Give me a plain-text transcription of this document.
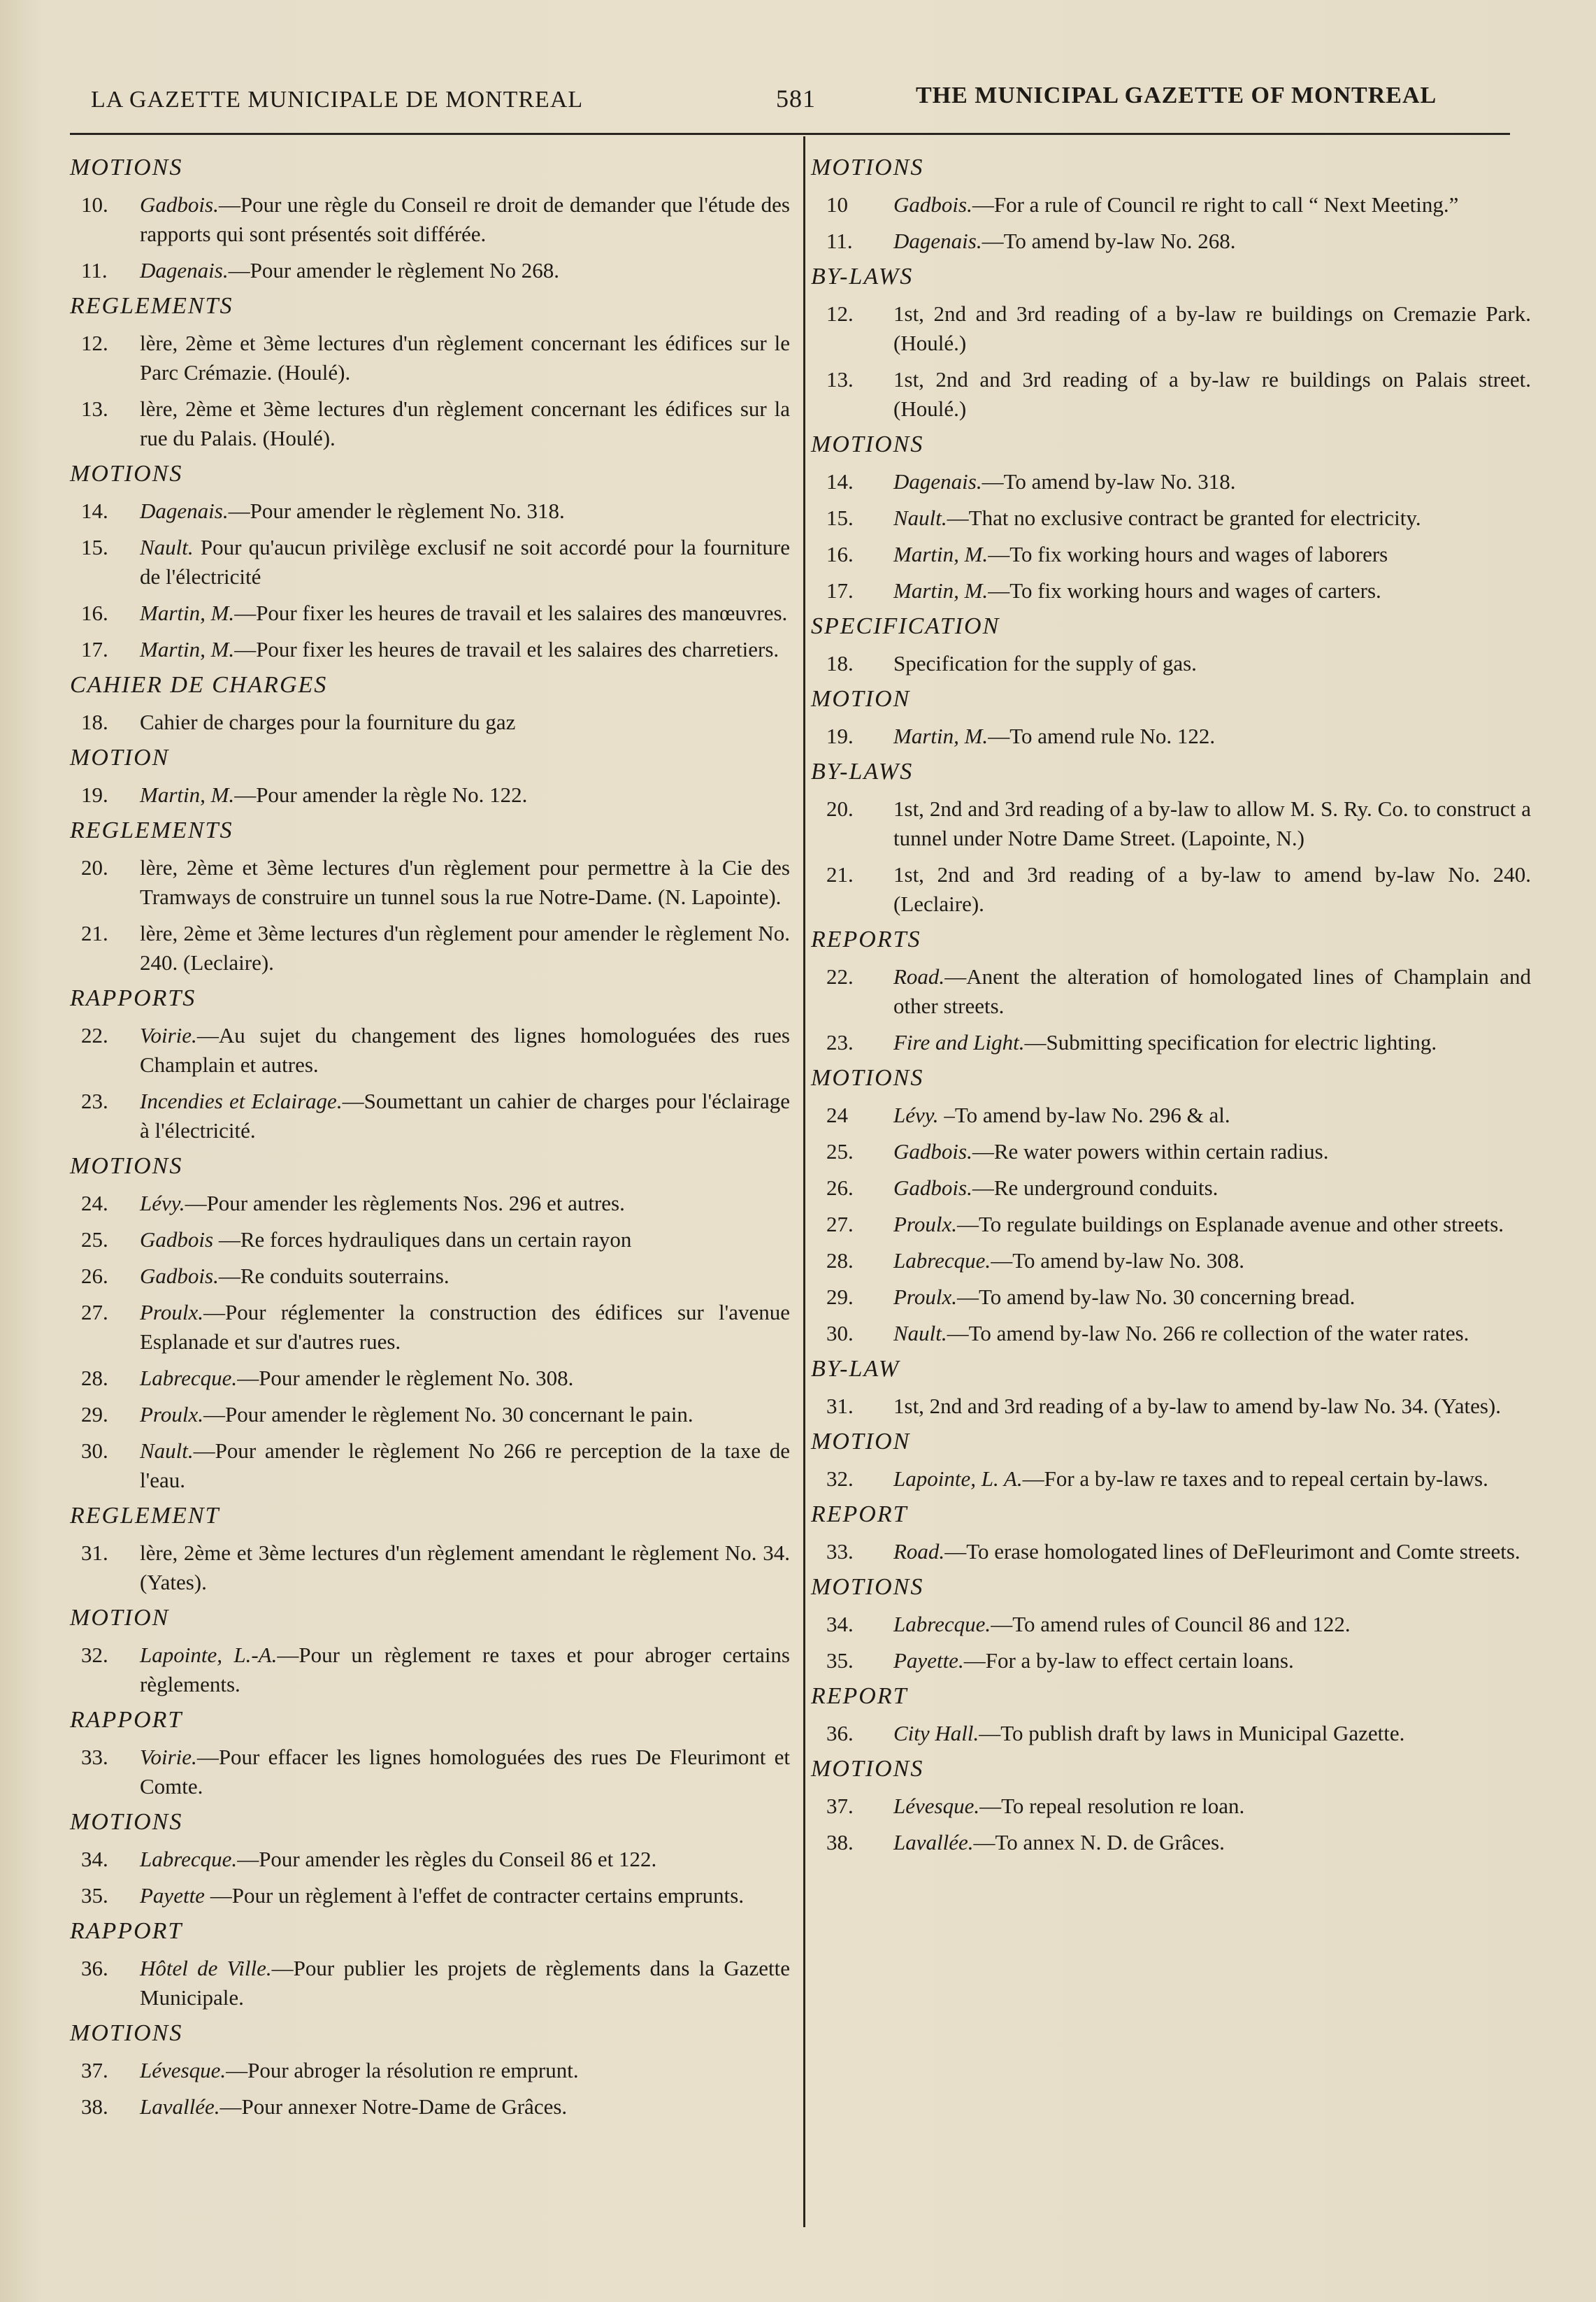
LA GAZETTE MUNICIPALE DE MONTREAL	581	THE MUNICIPAL GAZETTE OF MONTREAL
MOTIONS
10.	Gadbois.—Pour une règle du Conseil re droit de demander que l'étude des rapports qui sont présentés soit différée.
11.	Dagenais.—Pour amender le règlement No 268.
REGLEMENTS
12.	lère, 2ème et 3ème lectures d'un règlement concernant les édifices sur le Parc Crémazie. (Houlé).
13.	lère, 2ème et 3ème lectures d'un règlement concernant les édifices sur la rue du Palais. (Houlé).
MOTIONS
14.	Dagenais.—Pour amender le règlement No. 318.
15.	Nault. Pour qu'aucun privilège exclusif ne soit accordé pour la fourniture de l'électricité
16.	Martin, M.—Pour fixer les heures de travail et les salaires des manœuvres.
17.	Martin, M.—Pour fixer les heures de travail et les salaires des charretiers.
CAHIER DE CHARGES
18.	Cahier de charges pour la fourniture du gaz
MOTION
19.	Martin, M.—Pour amender la règle No. 122.
REGLEMENTS
20.	lère, 2ème et 3ème lectures d'un règlement pour permettre à la Cie des Tramways de construire un tunnel sous la rue Notre-Dame. (N. Lapointe).
21.	lère, 2ème et 3ème lectures d'un règlement pour amender le règlement No. 240. (Leclaire).
RAPPORTS
22.	Voirie.—Au sujet du changement des lignes homologuées des rues Champlain et autres.
23.	Incendies et Eclairage.—Soumettant un cahier de charges pour l'éclairage à l'électricité.
MOTIONS
24.	Lévy.—Pour amender les règlements Nos. 296 et autres.
25.	Gadbois —Re forces hydrauliques dans un certain rayon
26.	Gadbois.—Re conduits souterrains.
27.	Proulx.—Pour réglementer la construction des édifices sur l'avenue Esplanade et sur d'autres rues.
28.	Labrecque.—Pour amender le règlement No. 308.
29.	Proulx.—Pour amender le règlement No. 30 concernant le pain.
30.	Nault.—Pour amender le règlement No 266 re perception de la taxe de l'eau.
REGLEMENT
31.	lère, 2ème et 3ème lectures d'un règlement amendant le règlement No. 34. (Yates).
MOTION
32.	Lapointe, L.-A.—Pour un règlement re taxes et pour abroger certains règlements.
RAPPORT
33.	Voirie.—Pour effacer les lignes homologuées des rues De Fleurimont et Comte.
MOTIONS
34.	Labrecque.—Pour amender les règles du Conseil 86 et 122.
35.	Payette —Pour un règlement à l'effet de contracter certains emprunts.
RAPPORT
36.	Hôtel de Ville.—Pour publier les projets de règlements dans la Gazette Municipale.
MOTIONS
37.	Lévesque.—Pour abroger la résolution re emprunt.
38.	Lavallée.—Pour annexer Notre-Dame de Grâces.
MOTIONS
10	Gadbois.—For a rule of Council re right to call “ Next Meeting.”
11.	Dagenais.—To amend by-law No. 268.
BY-LAWS
12.	1st, 2nd and 3rd reading of a by-law re buildings on Cremazie Park. (Houlé.)
13.	1st, 2nd and 3rd reading of a by-law re buildings on Palais street. (Houlé.)
MOTIONS
14.	Dagenais.—To amend by-law No. 318.
15.	Nault.—That no exclusive contract be granted for electricity.
16.	Martin, M.—To fix working hours and wages of laborers
17.	Martin, M.—To fix working hours and wages of carters.
SPECIFICATION
18.	Specification for the supply of gas.
MOTION
19.	Martin, M.—To amend rule No. 122.
BY-LAWS
20.	1st, 2nd and 3rd reading of a by-law to allow M. S. Ry. Co. to construct a tunnel under Notre Dame Street. (Lapointe, N.)
21.	1st, 2nd and 3rd reading of a by-law to amend by-law No. 240. (Leclaire).
REPORTS
22.	Road.—Anent the alteration of homologated lines of Champlain and other streets.
23.	Fire and Light.—Submitting specification for electric lighting.
MOTIONS
24	Lévy. –To amend by-law No. 296 & al.
25.	Gadbois.—Re water powers within certain radius.
26.	Gadbois.—Re underground conduits.
27.	Proulx.—To regulate buildings on Esplanade avenue and other streets.
28.	Labrecque.—To amend by-law No. 308.
29.	Proulx.—To amend by-law No. 30 concerning bread.
30.	Nault.—To amend by-law No. 266 re collection of the water rates.
BY-LAW
31.	1st, 2nd and 3rd reading of a by-law to amend by-law No. 34. (Yates).
MOTION
32.	Lapointe, L. A.—For a by-law re taxes and to repeal certain by-laws.
REPORT
33.	Road.—To erase homologated lines of DeFleurimont and Comte streets.
MOTIONS
34.	Labrecque.—To amend rules of Council 86 and 122.
35.	Payette.—For a by-law to effect certain loans.
REPORT
36.	City Hall.—To publish draft by laws in Municipal Gazette.
MOTIONS
37.	Lévesque.—To repeal resolution re loan.
38.	Lavallée.—To annex N. D. de Grâces.
